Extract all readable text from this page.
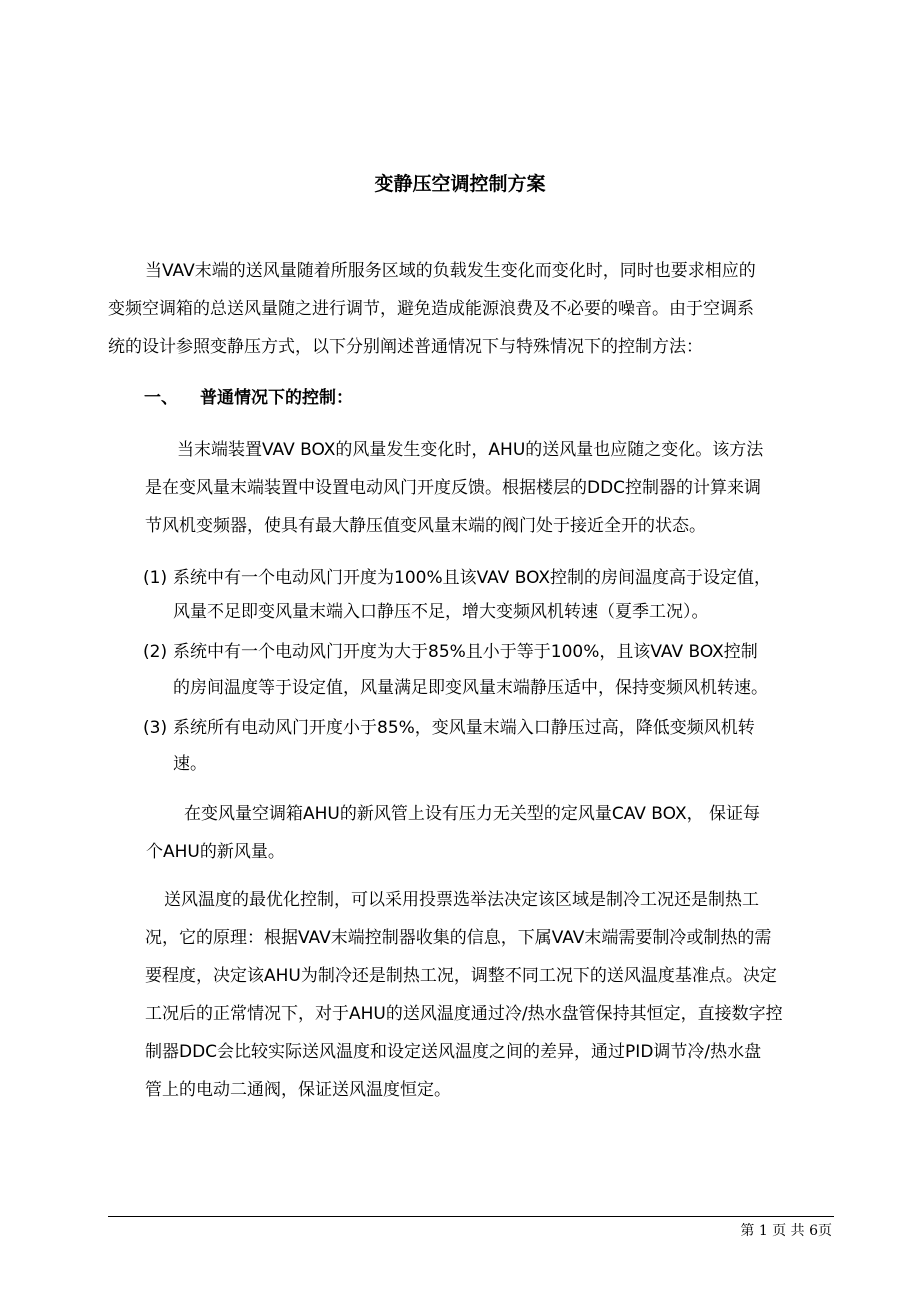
变静压空调控制方案
当VAV末端的送风量随着所服务区域的负载发生变化而变化时，同时也要求相应的
变频空调箱的总送风量随之进行调节，避免造成能源浪费及不必要的噪音。由于空调系
统的设计参照变静压方式，以下分别阐述普通情况下与特殊情况下的控制方法：
一、 普通情况下的控制：
当末端装置VAV BOX的风量发生变化时，AHU的送风量也应随之变化。该方法
是在变风量末端装置中设置电动风门开度反馈。根据楼层的DDC控制器的计算来调
节风机变频器，使具有最大静压值变风量末端的阀门处于接近全开的状态。
(1) 系统中有一个电动风门开度为100%且该VAV BOX控制的房间温度高于设定值，
风量不足即变风量末端入口静压不足，增大变频风机转速（夏季工况）。
(2) 系统中有一个电动风门开度为大于85%且小于等于100%，且该VAV BOX控制
的房间温度等于设定值，风量满足即变风量末端静压适中，保持变频风机转速。
(3) 系统所有电动风门开度小于85%，变风量末端入口静压过高，降低变频风机转
速。
在变风量空调箱AHU的新风管上设有压力无关型的定风量CAV BOX， 保证每
个AHU的新风量。
送风温度的最优化控制，可以采用投票选举法决定该区域是制冷工况还是制热工
况，它的原理：根据VAV末端控制器收集的信息，下属VAV末端需要制冷或制热的需
要程度，决定该AHU为制冷还是制热工况，调整不同工况下的送风温度基准点。决定
工况后的正常情况下，对于AHU的送风温度通过冷/热水盘管保持其恒定，直接数字控
制器DDC会比较实际送风温度和设定送风温度之间的差异，通过PID调节冷/热水盘
管上的电动二通阀，保证送风温度恒定。
第 1 页 共 6页
